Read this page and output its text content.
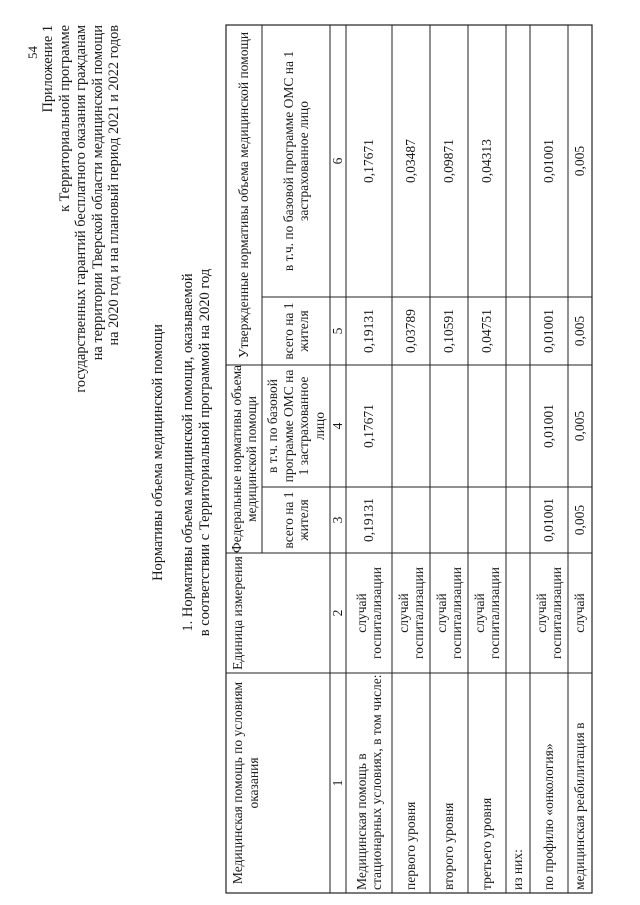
54 Приложение 1 к Территориальной программе государственных гарантий бесплатного оказания гражданам на территории Тверской области медицинской помощи на 2020 год и на плановый период 2021 и 2022 годов
Нормативы объема медицинской помощи 1. Нормативы объема медицинской помощи, оказываемой в соответствии с Территориальной программой на 2020 год
Медицинская помощь по условиям оказания
Единица измерения
Федеральные нормативы объема медицинской помощи
Утвержденные нормативы объема медицинской помощи
всего на 1 жителя
в т.ч. по базовой программе ОМС на 1 застрахованное лицо
всего на 1 жителя
в т.ч. по базовой программе ОМС на 1 застрахованное лицо
1
2
3
4
5
6
Медицинская помощь в стационарных условиях, в том числе:
случай госпитализации
0,19131
0,17671
0,19131
0,17671
первого уровня
случай госпитализации
0,03789
0,03487
второго уровня
случай госпитализации
0,10591
0,09871
третьего уровня
случай госпитализации
0,04751
0,04313
из них: по профилю «онкология»
случай госпитализации
0,01001
0,01001
0,01001
0,01001
медицинская реабилитация в
случай
0,005
0,005
0,005
0,005
